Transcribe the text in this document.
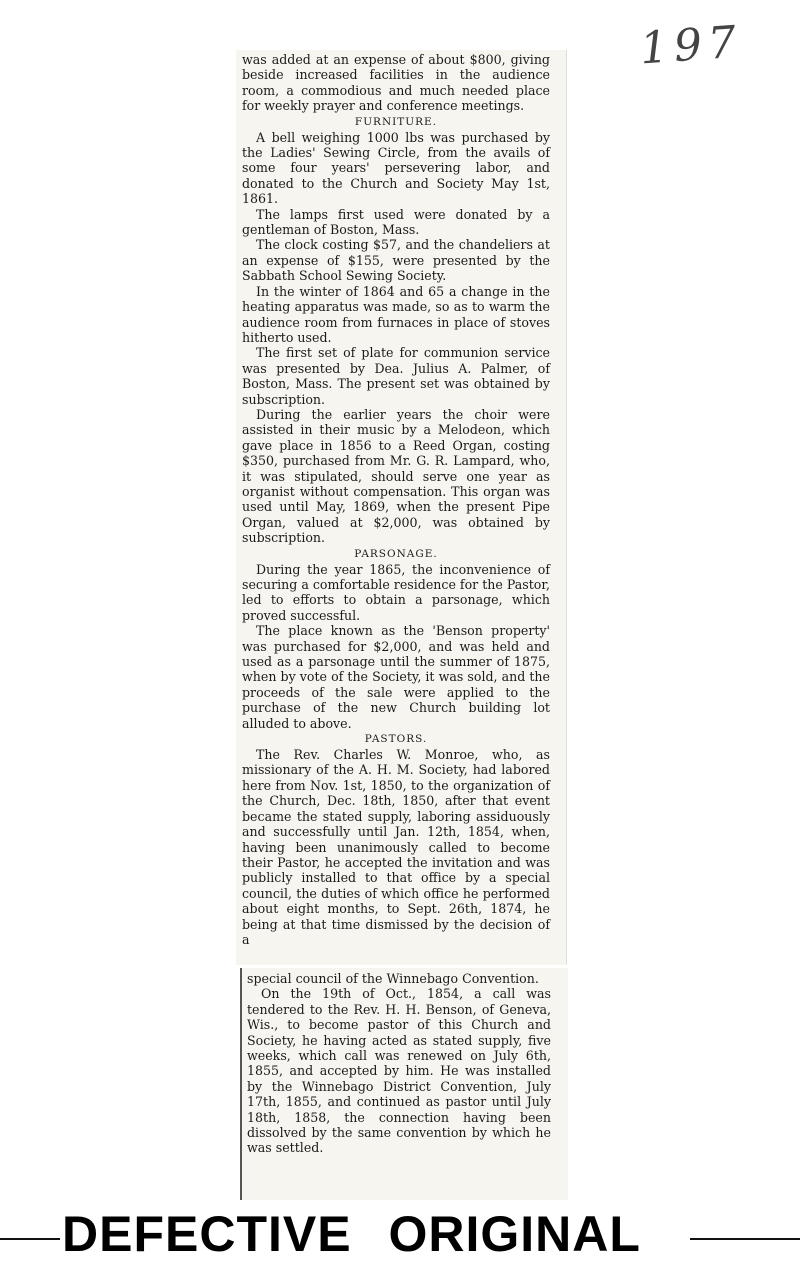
197

was added at an expense of about $800, giving beside increased facilities in the audience room, a commodious and much needed place for weekly prayer and conference meetings.

FURNITURE.

A bell weighing 1000 lbs was purchased by the Ladies' Sewing Circle, from the avails of some four years' persevering labor, and donated to the Church and Society May 1st, 1861.

The lamps first used were donated by a gentleman of Boston, Mass.

The clock costing $57, and the chandeliers at an expense of $155, were presented by the Sabbath School Sewing Society.

In the winter of 1864 and 65 a change in the heating apparatus was made, so as to warm the audience room from furnaces in place of stoves hitherto used.

The first set of plate for communion service was presented by Dea. Julius A. Palmer, of Boston, Mass. The present set was obtained by subscription.

During the earlier years the choir were assisted in their music by a Melodeon, which gave place in 1856 to a Reed Organ, costing $350, purchased from Mr. G. R. Lampard, who, it was stipulated, should serve one year as organist without compensation. This organ was used until May, 1869, when the present Pipe Organ, valued at $2,000, was obtained by subscription.

PARSONAGE.

During the year 1865, the inconvenience of securing a comfortable residence for the Pastor, led to efforts to obtain a parsonage, which proved successful.

The place known as the 'Benson property' was purchased for $2,000, and was held and used as a parsonage until the summer of 1875, when by vote of the Society, it was sold, and the proceeds of the sale were applied to the purchase of the new Church building lot alluded to above.

PASTORS.

The Rev. Charles W. Monroe, who, as missionary of the A. H. M. Society, had labored here from Nov. 1st, 1850, to the organization of the Church, Dec. 18th, 1850, after that event became the stated supply, laboring assiduously and successfully until Jan. 12th, 1854, when, having been unanimously called to become their Pastor, he accepted the invitation and was publicly installed to that office by a special council, the duties of which office he performed about eight months, to Sept. 26th, 1874, he being at that time dismissed by the decision of a

special council of the Winnebago Convention.

On the 19th of Oct., 1854, a call was tendered to the Rev. H. H. Benson, of Geneva, Wis., to become pastor of this Church and Society, he having acted as stated supply, five weeks, which call was renewed on July 6th, 1855, and accepted by him. He was installed by the Winnebago District Convention, July 17th, 1855, and continued as pastor until July 18th, 1858, the connection having been dissolved by the same convention by which he was settled.

DEFECTIVE ORIGINAL
